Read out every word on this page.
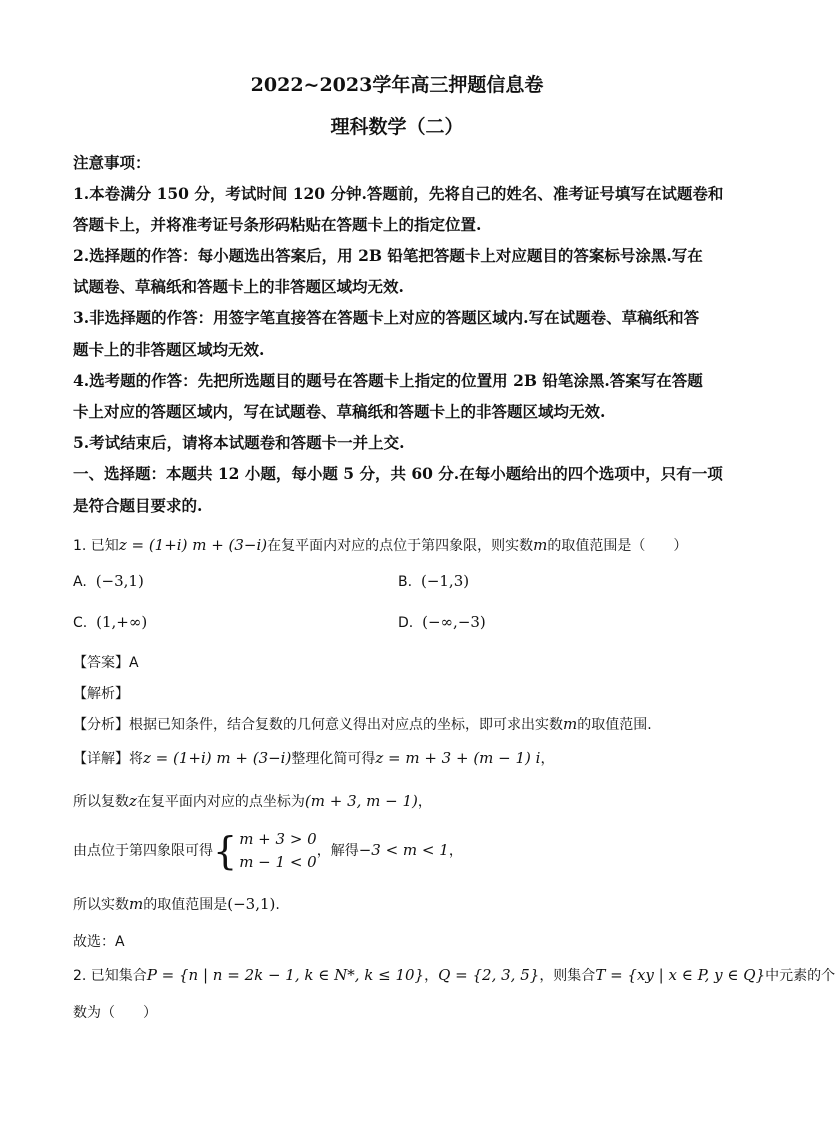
2022~2023学年高三押题信息卷
理科数学（二）
注意事项：
1.本卷满分 150 分，考试时间 120 分钟.答题前，先将自己的姓名、准考证号填写在试题卷和
答题卡上，并将准考证号条形码粘贴在答题卡上的指定位置.
2.选择题的作答：每小题选出答案后，用 2B 铅笔把答题卡上对应题目的答案标号涂黑.写在
试题卷、草稿纸和答题卡上的非答题区域均无效.
3.非选择题的作答：用签字笔直接答在答题卡上对应的答题区域内.写在试题卷、草稿纸和答
题卡上的非答题区域均无效.
4.选考题的作答：先把所选题目的题号在答题卡上指定的位置用 2B 铅笔涂黑.答案写在答题
卡上对应的答题区域内，写在试题卷、草稿纸和答题卡上的非答题区域均无效.
5.考试结束后，请将本试题卷和答题卡一并上交.
一、选择题：本题共 12 小题，每小题 5 分，共 60 分.在每小题给出的四个选项中，只有一项
是符合题目要求的.
1. 已知z = (1+i) m + (3−i)在复平面内对应的点位于第四象限，则实数m的取值范围是（　　）
A. (−3,1)	B. (−1,3)
C. (1,+∞)	D. (−∞,−3)
【答案】A
【解析】
【分析】根据已知条件，结合复数的几何意义得出对应点的坐标，即可求出实数m的取值范围.
【详解】将z = (1+i) m + (3−i)整理化简可得z = m + 3 + (m − 1) i，
所以复数z在复平面内对应的点坐标为(m + 3, m − 1)，
由点位于第四象限可得{ m + 3 > 0
m − 1 < 0，解得−3 < m < 1，
所以实数m的取值范围是(−3,1).
故选：A
2. 已知集合P = {n | n = 2k − 1, k ∈ N*, k ≤ 10}，Q = {2, 3, 5}，则集合T = {xy | x ∈ P, y ∈ Q}中元素的个
数为（　　）
